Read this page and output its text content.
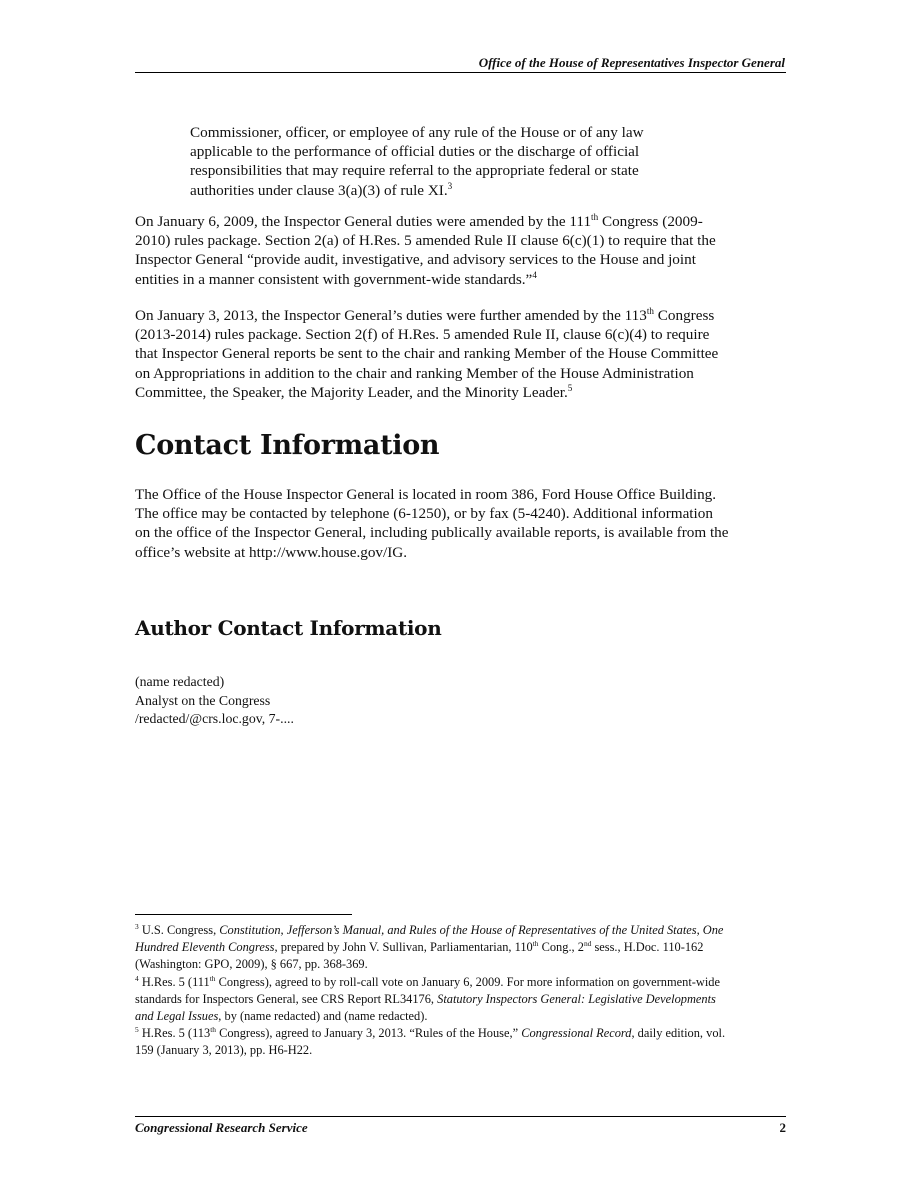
Office of the House of Representatives Inspector General
Commissioner, officer, or employee of any rule of the House or of any law
applicable to the performance of official duties or the discharge of official
responsibilities that may require referral to the appropriate federal or state
authorities under clause 3(a)(3) of rule XI.$^3$
On January 6, 2009, the Inspector General duties were amended by the 111th Congress (2009-
2010) rules package. Section 2(a) of H.Res. 5 amended Rule II clause 6(c)(1) to require that the
Inspector General “provide audit, investigative, and advisory services to the House and joint
entities in a manner consistent with government-wide standards.”$^4$
On January 3, 2013, the Inspector General’s duties were further amended by the 113th Congress
(2013-2014) rules package. Section 2(f) of H.Res. 5 amended Rule II, clause 6(c)(4) to require
that Inspector General reports be sent to the chair and ranking Member of the House Committee
on Appropriations in addition to the chair and ranking Member of the House Administration
Committee, the Speaker, the Majority Leader, and the Minority Leader.$^5$
Contact Information
The Office of the House Inspector General is located in room 386, Ford House Office Building.
The office may be contacted by telephone (6-1250), or by fax (5-4240). Additional information
on the office of the Inspector General, including publically available reports, is available from the
office’s website at http://www.house.gov/IG.
Author Contact Information
(name redacted)
Analyst on the Congress
/redacted/@crs.loc.gov, 7-....
$^3$ U.S. Congress, Constitution, Jefferson’s Manual, and Rules of the House of Representatives of the United States, One
Hundred Eleventh Congress, prepared by John V. Sullivan, Parliamentarian, 110th Cong., 2nd sess., H.Doc. 110-162
(Washington: GPO, 2009), § 667, pp. 368-369.
$^4$ H.Res. 5 (111th Congress), agreed to by roll-call vote on January 6, 2009. For more information on government-wide
standards for Inspectors General, see CRS Report RL34176, Statutory Inspectors General: Legislative Developments
and Legal Issues, by (name redacted) and (name redacted).
$^5$ H.Res. 5 (113th Congress), agreed to January 3, 2013. “Rules of the House,” Congressional Record, daily edition, vol.
159 (January 3, 2013), pp. H6-H22.
Congressional Research Service	2
